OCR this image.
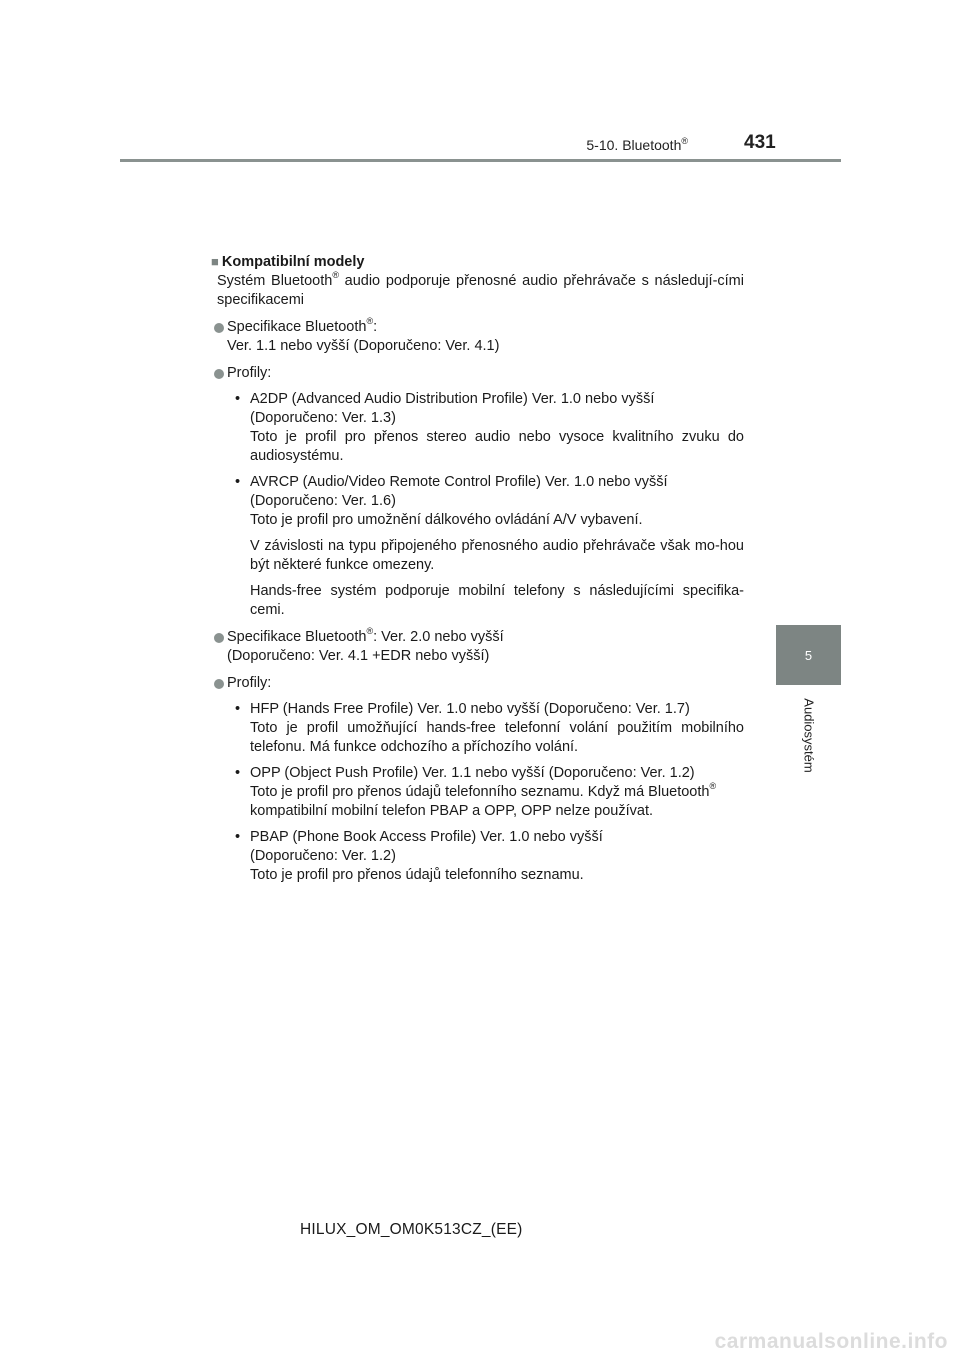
5-10. Bluetooth®	431
5
Audiosystém
■ Kompatibilní modely
Systém Bluetooth® audio podporuje přenosné audio přehrávače s následují-cími specifikacemi
Specifikace Bluetooth®:
Ver. 1.1 nebo vyšší (Doporučeno: Ver. 4.1)
Profily:
• A2DP (Advanced Audio Distribution Profile) Ver. 1.0 nebo vyšší
(Doporučeno: Ver. 1.3)
Toto je profil pro přenos stereo audio nebo vysoce kvalitního zvuku do audiosystému.
• AVRCP (Audio/Video Remote Control Profile) Ver. 1.0 nebo vyšší
(Doporučeno: Ver. 1.6)
Toto je profil pro umožnění dálkového ovládání A/V vybavení.
V závislosti na typu připojeného přenosného audio přehrávače však mo-hou být některé funkce omezeny.
Hands-free systém podporuje mobilní telefony s následujícími specifika-cemi.
Specifikace Bluetooth®: Ver. 2.0 nebo vyšší
(Doporučeno: Ver. 4.1 +EDR nebo vyšší)
Profily:
• HFP (Hands Free Profile) Ver. 1.0 nebo vyšší (Doporučeno: Ver. 1.7)
Toto je profil umožňující hands-free telefonní volání použitím mobilního telefonu. Má funkce odchozího a příchozího volání.
• OPP (Object Push Profile) Ver. 1.1 nebo vyšší (Doporučeno: Ver. 1.2)
Toto je profil pro přenos údajů telefonního seznamu. Když má Bluetooth®
kompatibilní mobilní telefon PBAP a OPP, OPP nelze používat.
• PBAP (Phone Book Access Profile) Ver. 1.0 nebo vyšší
(Doporučeno: Ver. 1.2)
Toto je profil pro přenos údajů telefonního seznamu.
HILUX_OM_OM0K513CZ_(EE)
carmanualsonline.info
